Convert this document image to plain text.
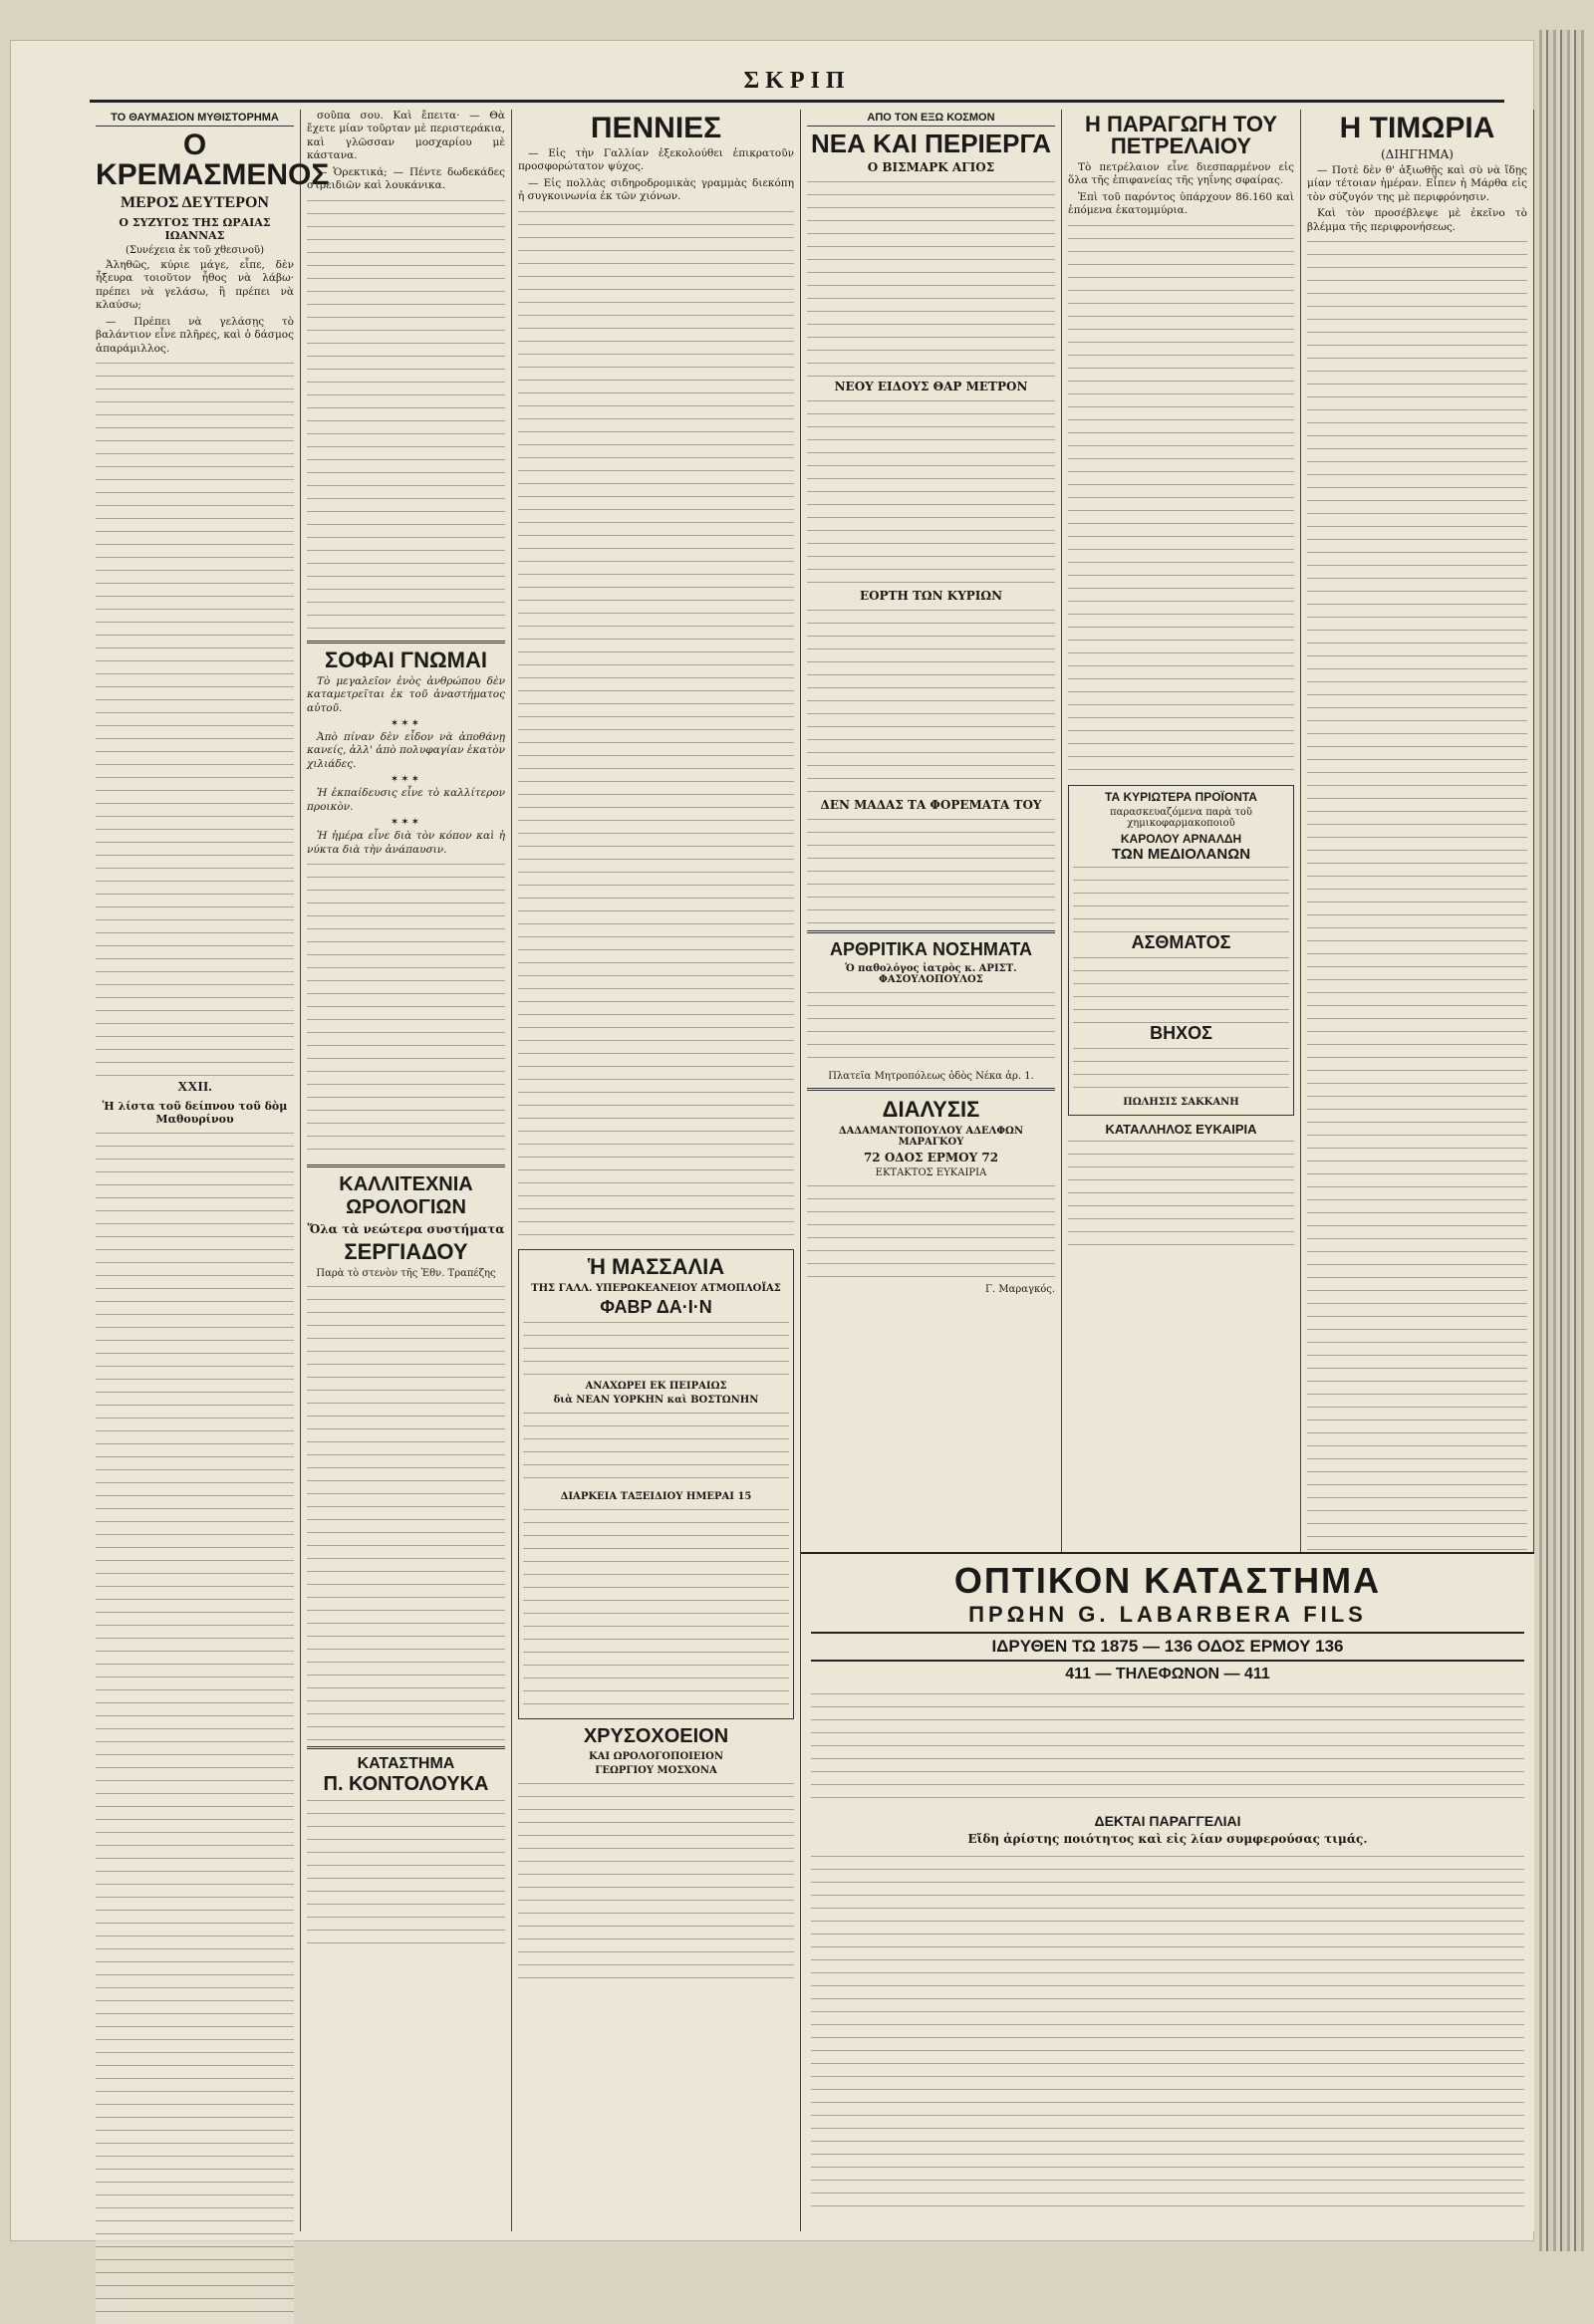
ΣΚΡΙΠ
ΤΟ ΘΑΥΜΑΣΙΟΝ ΜΥΘΙΣΤΟΡΗΜΑ
Ο ΚΡΕΜΑΣΜΕΝΟΣ
ΜΕΡΟΣ ΔΕΥΤΕΡΟΝ
Ο ΣΥΖΥΓΟΣ ΤΗΣ ΩΡΑΙΑΣ ΙΩΑΝΝΑΣ
(Συνέχεια ἐκ τοῦ χθεσινοῦ)

Ἀληθῶς, κύριε μάγε, εἶπε, δὲν ἦξευρα τοιοῦτον ἦθος νὰ λάβω· πρέπει νὰ γελάσω, ἢ πρέπει νὰ κλαύσω;

— Πρέπει νὰ γελάσῃς τὸ βαλάντιον εἶνε πλῆρες, καὶ ὁ δάσμος ἀπαράμιλλος.

XXII.
Ἡ λίστα τοῦ δείπνου τοῦ δὸμ Μαθουρίνου

σοῦπα σου. Καὶ ἔπειτα· — Θὰ ἔχετε μίαν τοῦρταν μὲ περιστεράκια, καὶ γλῶσσαν μοσχαρίου μὲ κάστανα.

— Ὁρεκτικά; — Πέντε δωδεκάδες στρειδιῶν καὶ λουκάνικα.

ΣΟΦΑΙ ΓΝΩΜΑΙ

Τὸ μεγαλεῖον ἐνὸς ἀνθρώπου δὲν καταμετρεῖται ἐκ τοῦ ἀναστήματος αὐτοῦ.

✶✶✶

Ἀπὸ πίναν δὲν εἶδον νὰ ἀποθάνῃ κανείς, ἀλλ' ἀπὸ πολυφαγίαν ἑκατὸν χιλιάδες.

✶✶✶

Ἡ ἐκπαίδευσις εἶνε τὸ καλλίτερον προικὸν.

✶✶✶

Ἡ ἡμέρα εἶνε διὰ τὸν κόπον καὶ ἡ νύκτα διὰ τὴν ἀνάπαυσιν.

ΚΑΛΛΙΤΕΧΝΙΑ ΩΡΟΛΟΓΙΩΝ
Ὅλα τὰ νεώτερα συστήματα
ΣΕΡΓΙΑΔΟΥ
Παρὰ τὸ στενὸν τῆς Ἐθν. Τραπέζης
ΚΑΤΑΣΤΗΜΑ
Π. ΚΟΝΤΟΛΟΥΚΑ
ΠΕΝΝΙΕΣ

— Εἰς τὴν Γαλλίαν ἐξεκολούθει ἐπικρατοῦν προσφορώτατον ψύχος.

— Εἰς πολλὰς σιδηροδρομικὰς γραμμὰς διεκόπη ἡ συγκοινωνία ἐκ τῶν χιόνων.

Ἡ ΜΑΣΣΑΛΙΑ
ΤΗΣ ΓΑΛΛ. ΥΠΕΡΩΚΕΑΝΕΙΟΥ ΑΤΜΟΠΛΟΪΑΣ
ΦΑΒΡ ΔΑ·Ι·Ν
ΑΝΑΧΩΡΕΙ ΕΚ ΠΕΙΡΑΙΩΣ
διὰ ΝΕΑΝ ΥΟΡΚΗΝ καὶ ΒΟΣΤΩΝΗΝ
ΔΙΑΡΚΕΙΑ ΤΑΞΕΙΔΙΟΥ ΗΜΕΡΑΙ 15
ΧΡΥΣΟΧΟΕΙΟΝ
ΚΑΙ ΩΡΟΛΟΓΟΠΟΙΕΙΟΝ
ΓΕΩΡΓΙΟΥ ΜΟΣΧΟΝΑ
ΑΠΟ ΤΟΝ ΕΞΩ ΚΟΣΜΟΝ
ΝΕΑ ΚΑΙ ΠΕΡΙΕΡΓΑ
Ο ΒΙΣΜΑΡΚ ΑΓΙΟΣ
ΝΕΟΥ ΕΙΔΟΥΣ ΘΑΡ ΜΕΤΡΟΝ
ΕΟΡΤΗ ΤΩΝ ΚΥΡΙΩΝ
ΔΕΝ ΜΑΔΑΣ ΤΑ ΦΟΡΕΜΑΤΑ ΤΟΥ
ΑΡΘΡΙΤΙΚΑ ΝΟΣΗΜΑΤΑ
Ὁ παθολόγος ἰατρὸς κ. ΑΡΙΣΤ. ΦΑΣΟΥΛΟΠΟΥΛΟΣ
Πλατεῖα Μητροπόλεως ὁδὸς Νέκα ἀρ. 1.
ΔΙΑΛΥΣΙΣ
ΔΑΔΑΜΑΝΤΟΠΟΥΛΟΥ ΑΔΕΛΦΩΝ ΜΑΡΑΓΚΟΥ
72 ΟΔΟΣ ΕΡΜΟΥ 72
ΕΚΤΑΚΤΟΣ ΕΥΚΑΙΡΙΑ
Γ. Μαραγκός.
Η ΠΑΡΑΓΩΓΗ ΤΟΥ ΠΕΤΡΕΛΑΙΟΥ

Τὸ πετρέλαιον εἶνε διεσπαρμένον εἰς ὅλα τῆς ἐπιφανείας τῆς γηΐνης σφαίρας.

Ἐπὶ τοῦ παρόντος ὑπάρχουν 86.160 καὶ ἑπόμενα ἐκατομμύρια.

ΤΑ ΚΥΡΙΩΤΕΡΑ ΠΡΟΪΟΝΤΑ
παρασκευαζόμενα παρὰ τοῦ χημικοφαρμακοποιοῦ
ΚΑΡΟΛΟΥ ΑΡΝΑΛΔΗ
ΤΩΝ ΜΕΔΙΟΛΑΝΩΝ
ΑΣΘΜΑΤΟΣ
ΒΗΧΟΣ
ΠΩΛΗΣΙΣ ΣΑΚΚΑΝΗ
ΚΑΤΑΛΛΗΛΟΣ ΕΥΚΑΙΡΙΑ
Η ΤΙΜΩΡΙΑ
(ΔΙΗΓΗΜΑ)

— Ποτὲ δὲν θ' ἀξιωθῇς καὶ σὺ νὰ ἴδῃς μίαν τέτοιαν ἡμέραν. Εἶπεν ἡ Μάρθα εἰς τὸν σύζυγόν της μὲ περιφρόνησιν.

Καὶ τὸν προσέβλεψε μὲ ἐκεῖνο τὸ βλέμμα τῆς περιφρονήσεως.

ΟΠΤΙΚΟΝ ΚΑΤΑΣΤΗΜΑ
ΠΡΩΗΝ G. LABARBERA FILS
ΙΔΡΥΘΕΝ ΤΩ 1875 — 136 ΟΔΟΣ ΕΡΜΟΥ 136
411 — ΤΗΛΕΦΩΝΟΝ — 411
ΔΕΚΤΑΙ ΠΑΡΑΓΓΕΛΙΑΙ
Εἴδη ἀρίστης ποιότητος καὶ εἰς λίαν συμφερούσας τιμάς.
